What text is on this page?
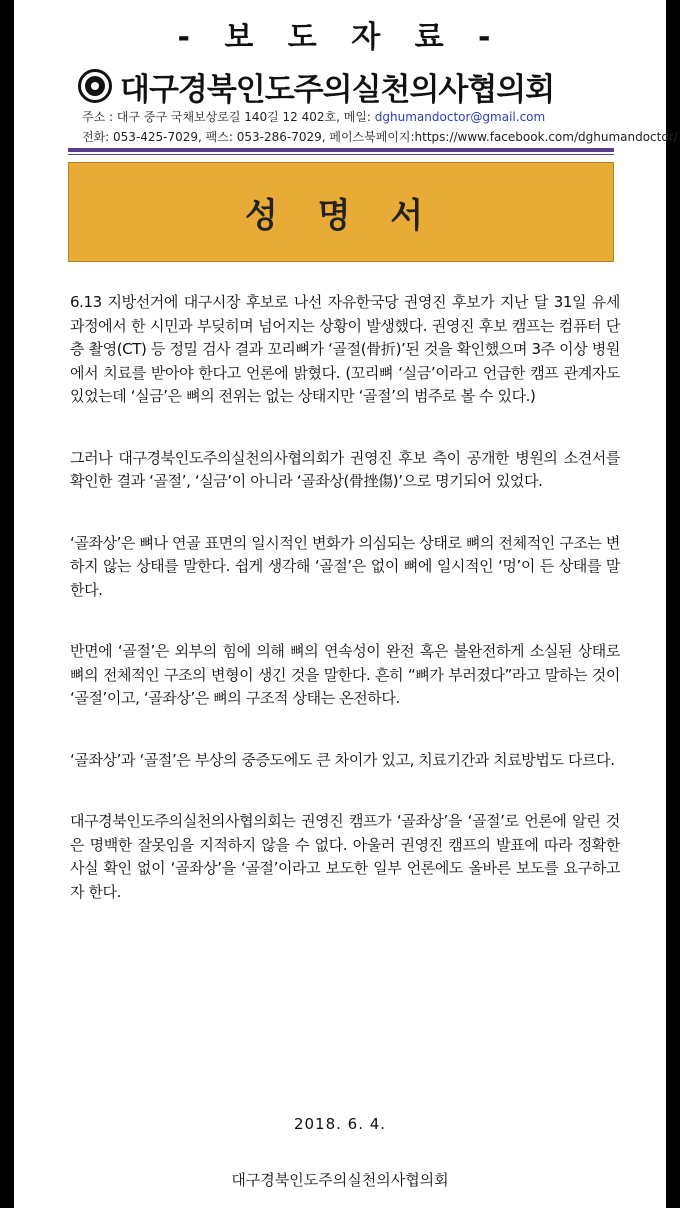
- 보 도 자 료 -
대구경북인도주의실천의사협의회
주소 : 대구 중구 국채보상로길 140길 12 402호, 메일: dghumandoctor@gmail.com
전화: 053-425-7029, 팩스: 053-286-7029, 페이스북페이지:https://www.facebook.com/dghumandoctor/
성 명 서

6.13 지방선거에 대구시장 후보로 나선 자유한국당 권영진 후보가 지난 달 31일 유세 과정에서 한 시민과 부딪히며 넘어지는 상황이 발생했다. 권영진 후보 캠프는 컴퓨터 단층 촬영(CT) 등 정밀 검사 결과 꼬리뼈가 ‘골절(骨折)’된 것을 확인했으며 3주 이상 병원에서 치료를 받아야 한다고 언론에 밝혔다. (꼬리뼈 ‘실금’이라고 언급한 캠프 관계자도 있었는데 ‘실금’은 뼈의 전위는 없는 상태지만 ‘골절’의 범주로 볼 수 있다.)

그러나 대구경북인도주의실천의사협의회가 권영진 후보 측이 공개한 병원의 소견서를 확인한 결과 ‘골절’, ‘실금’이 아니라 ‘골좌상(骨挫傷)’으로 명기되어 있었다.

‘골좌상’은 뼈나 연골 표면의 일시적인 변화가 의심되는 상태로 뼈의 전체적인 구조는 변하지 않는 상태를 말한다. 쉽게 생각해 ‘골절’은 없이 뼈에 일시적인 ‘멍’이 든 상태를 말한다.

반면에 ‘골절’은 외부의 힘에 의해 뼈의 연속성이 완전 혹은 불완전하게 소실된 상태로 뼈의 전체적인 구조의 변형이 생긴 것을 말한다. 흔히 “뼈가 부러졌다”라고 말하는 것이 ‘골절’이고, ‘골좌상’은 뼈의 구조적 상태는 온전하다.

‘골좌상’과 ‘골절’은 부상의 중증도에도 큰 차이가 있고, 치료기간과 치료방법도 다르다.

대구경북인도주의실천의사협의회는 권영진 캠프가 ‘골좌상’을 ‘골절’로 언론에 알린 것은 명백한 잘못임을 지적하지 않을 수 없다. 아울러 권영진 캠프의 발표에 따라 정확한 사실 확인 없이 ‘골좌상’을 ‘골절’이라고 보도한 일부 언론에도 올바른 보도를 요구하고자 한다.

2018. 6. 4.
대구경북인도주의실천의사협의회
